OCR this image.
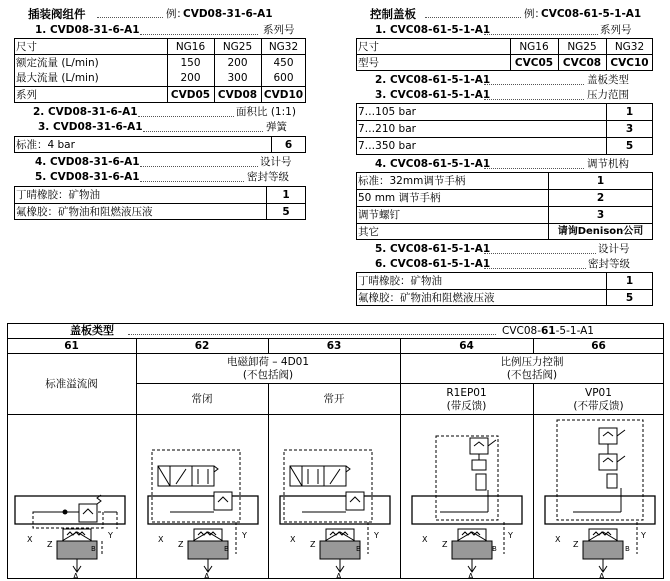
插装阀组件	例：
CVD08-31-6-A1
1. CVD08-31-6-A1	系列号
尺寸	NG16	NG25	NG32
额定流量 (L/min)	150	200	450
最大流量 (L/min)	200	300	600
系列	CVD05 CVD08 CVD10
2. CVD08-31-6-A1	面积比 (1:1)
3. CVD08-31-6-A1	弹簧
标准：4 bar	6
4. CVD08-31-6-A1	设计号
5. CVD08-31-6-A1	密封等级
丁晴橡胶：矿物油	1
氟橡胶：矿物油和阻燃液压液	5
控制盖板	例：
CVC08-61-5-1-A1
1. CVC08-61-5-1-A1	系列号
尺寸	NG16	NG25	NG32
型号	CVC05 CVC08 CVC10
2. CVC08-61-5-1-A1	盖板类型
3. CVC08-61-5-1-A1	压力范围
7…105 bar	1
7…210 bar	3
7…350 bar	5
4. CVC08-61-5-1-A1	调节机构
标准：32mm调节手柄	1
50 mm 调节手柄	2
调节螺钉	3
其它	请询Denison公司
5. CVC08-61-5-1-A1	设计号
6. CVC08-61-5-1-A1	密封等级
丁晴橡胶：矿物油	1
氟橡胶：矿物油和阻燃液压液	5
盖板类型	CVC08-61-5-1-A1
61	62	63	64	66
标准溢流阀
电磁卸荷 – 4D01
(不包括阀)
常闭	常开
比例压力控制
(不包括阀)
R1EP01
(带反馈)
VP01
(不带反馈)
X	Y
Z	B
A
X	Y
Z	B
A
X	Y
Z	B
A
X	Y
Z	B
A
X	Y
Z	B
A
